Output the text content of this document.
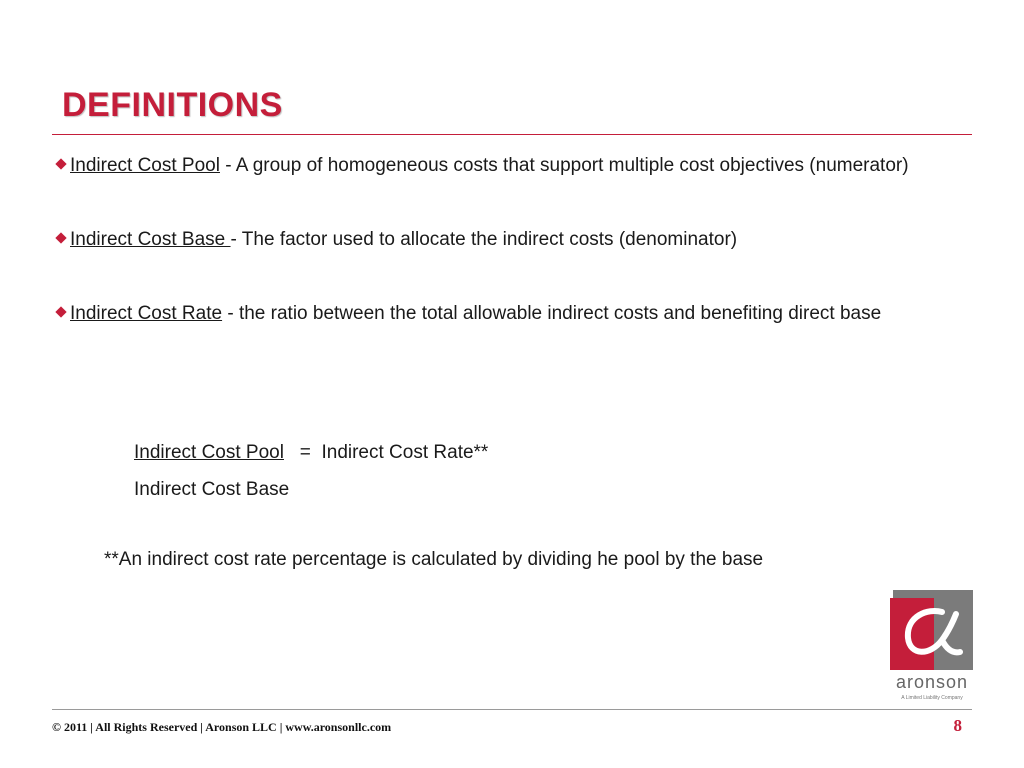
DEFINITIONS

Indirect Cost Pool - A group of homogeneous costs that support multiple cost objectives (numerator)

Indirect Cost Base - The factor used to allocate the indirect costs (denominator)

Indirect Cost Rate - the ratio between the total allowable indirect costs and benefiting direct base

Indirect Cost Pool   =  Indirect Cost Rate**
Indirect Cost Base
**An indirect cost rate percentage is calculated by dividing he pool by the base
aronson
A Limited Liability Company
© 2011 | All Rights Reserved | Aronson LLC | www.aronsonllc.com	8
